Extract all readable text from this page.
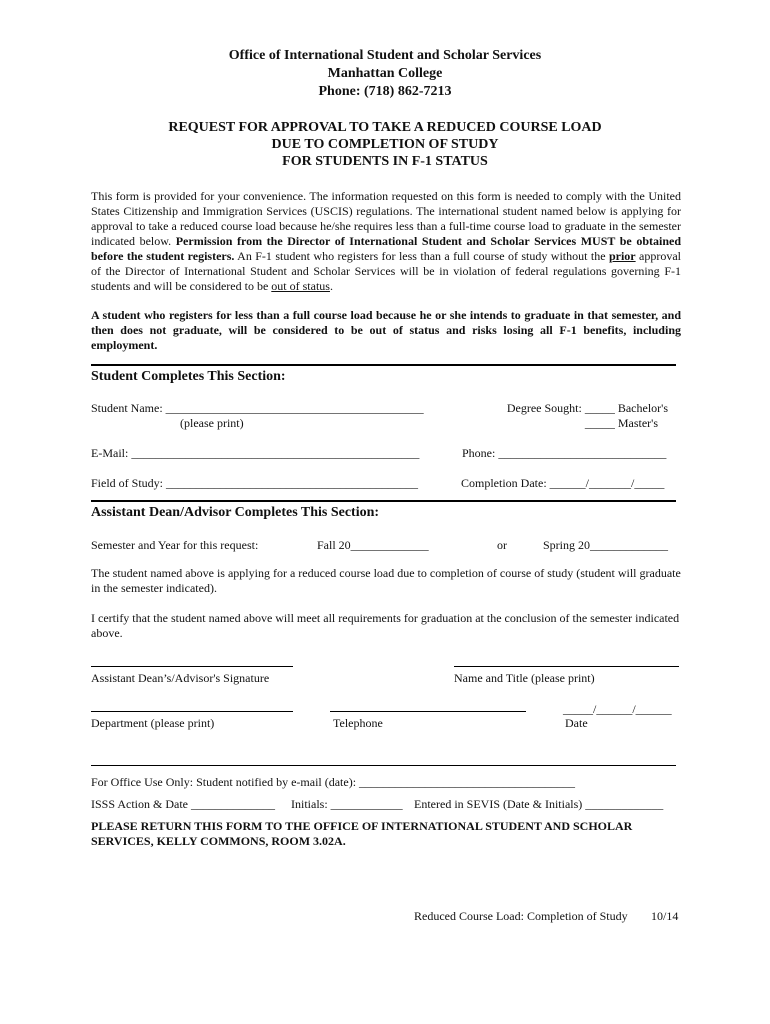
Office of International Student and Scholar Services
Manhattan College
Phone: (718) 862-7213
REQUEST FOR APPROVAL TO TAKE A REDUCED COURSE LOAD
DUE TO COMPLETION OF STUDY
FOR STUDENTS IN F-1 STATUS
This form is provided for your convenience. The information requested on this form is needed to comply with the United States Citizenship and Immigration Services (USCIS) regulations. The international student named below is applying for approval to take a reduced course load because he/she requires less than a full-time course load to graduate in the semester indicated below. Permission from the Director of International Student and Scholar Services MUST be obtained before the student registers. An F-1 student who registers for less than a full course of study without the prior approval of the Director of International Student and Scholar Services will be in violation of federal regulations governing F-1 students and will be considered to be out of status.
A student who registers for less than a full course load because he or she intends to graduate in that semester, and then does not graduate, will be considered to be out of status and risks losing all F-1 benefits, including employment.
Student Completes This Section:
Student Name: ___________________________________________
(please print)
Degree Sought: _____ Bachelor's
_____ Master's
E-Mail: ________________________________________________	Phone: ____________________________
Field of Study: __________________________________________	Completion Date: ______/_______/_____
Assistant Dean/Advisor Completes This Section:
Semester and Year for this request:	Fall 20_____________	or	Spring 20_____________
The student named above is applying for a reduced course load due to completion of course of study (student will graduate in the semester indicated).
I certify that the student named above will meet all requirements for graduation at the conclusion of the semester indicated above.
Assistant Dean’s/Advisor's Signature	Name and Title (please print)
_____/______/______
Department (please print)	Telephone	Date
For Office Use Only: Student notified by e-mail (date): ____________________________________
ISSS Action & Date ______________ Initials: ____________ Entered in SEVIS (Date & Initials) _____________
PLEASE RETURN THIS FORM TO THE OFFICE OF INTERNATIONAL STUDENT AND SCHOLAR SERVICES, KELLY COMMONS, ROOM 3.02A.
Reduced Course Load: Completion of Study 10/14
